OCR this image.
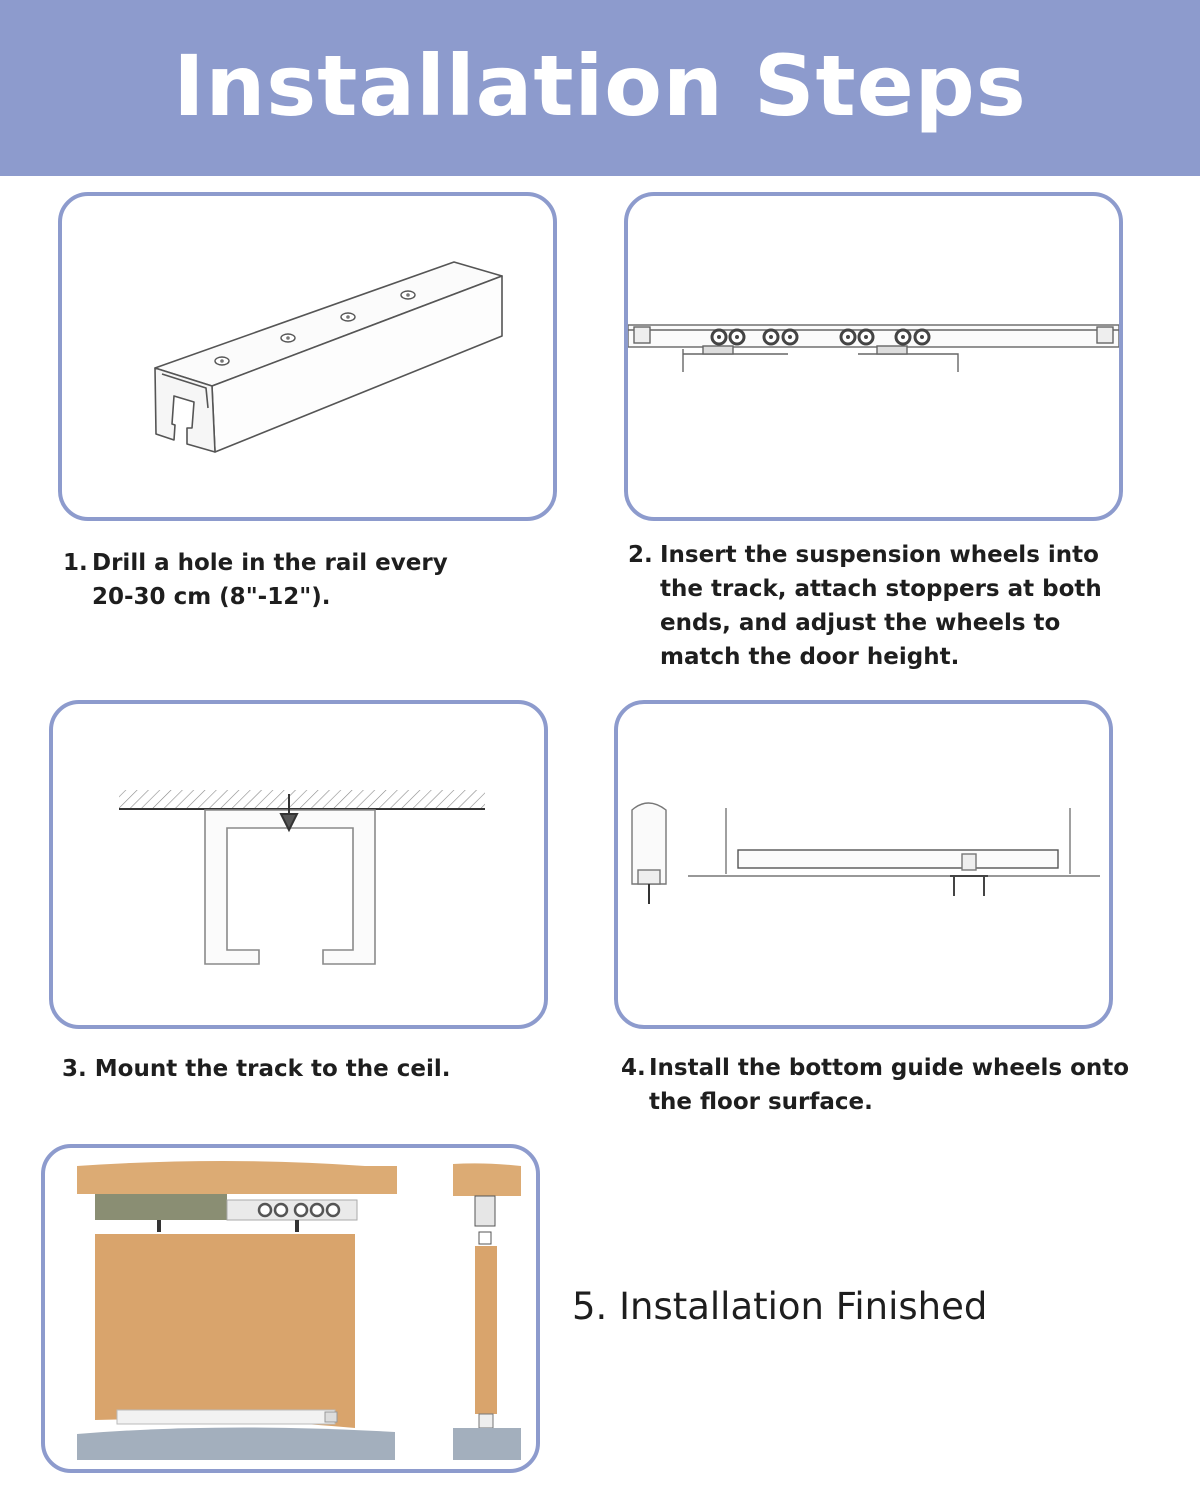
Installation Steps

1. Drill a hole in the rail every 20-30 cm (8"-12").

2. Insert the suspension wheels into the track, attach stoppers at both ends, and adjust the wheels to match the door height.

3. Mount the track to the ceil.	4. Install the bottom guide wheels onto the floor surface.

5. Installation Finished
